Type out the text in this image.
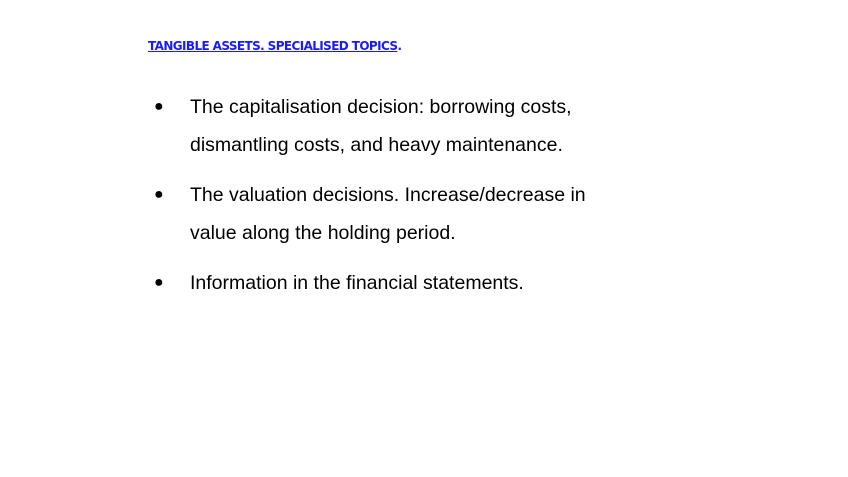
TANGIBLE ASSETS. SPECIALISED TOPICS.
●	The capitalisation decision: borrowing costs, dismantling costs, and heavy maintenance.
●	The valuation decisions. Increase/decrease in value along the holding period.
●	Information in the financial statements.
